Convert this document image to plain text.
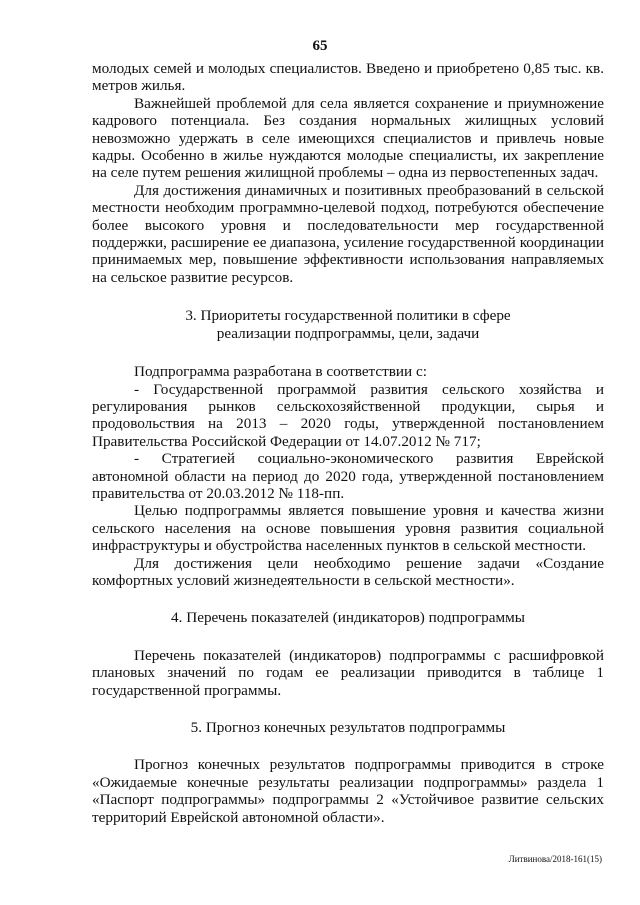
65

молодых семей и молодых специалистов. Введено и приобретено 0,85 тыс. кв. метров жилья.

Важнейшей проблемой для села является сохранение и приумножение кадрового потенциала. Без создания нормальных жилищных условий невозможно удержать в селе имеющихся специалистов и привлечь новые кадры. Особенно в жилье нуждаются молодые специалисты, их закрепление на селе путем решения жилищной проблемы – одна из первостепенных задач.

Для достижения динамичных и позитивных преобразований в сельской местности необходим программно-целевой подход, потребуются обеспечение более высокого уровня и последовательности мер государственной поддержки, расширение ее диапазона, усиление государственной координации принимаемых мер, повышение эффективности использования направляемых на сельское развитие ресурсов.

3. Приоритеты государственной политики в сфере
реализации подпрограммы, цели, задачи

Подпрограмма разработана в соответствии с:

- Государственной программой развития сельского хозяйства и регулирования рынков сельскохозяйственной продукции, сырья и продовольствия на 2013 – 2020 годы, утвержденной постановлением Правительства Российской Федерации от 14.07.2012 № 717;

- Стратегией социально-экономического развития Еврейской автономной области на период до 2020 года, утвержденной постановлением правительства от 20.03.2012 № 118-пп.

Целью подпрограммы является повышение уровня и качества жизни сельского населения на основе повышения уровня развития социальной инфраструктуры и обустройства населенных пунктов в сельской местности.

Для достижения цели необходимо решение задачи «Создание комфортных условий жизнедеятельности в сельской местности».

4. Перечень показателей (индикаторов) подпрограммы

Перечень показателей (индикаторов) подпрограммы с расшифровкой плановых значений по годам ее реализации приводится в таблице 1 государственной программы.

5. Прогноз конечных результатов подпрограммы

Прогноз конечных результатов подпрограммы приводится в строке «Ожидаемые конечные результаты реализации подпрограммы» раздела 1 «Паспорт подпрограммы» подпрограммы 2 «Устойчивое развитие сельских территорий Еврейской автономной области».

Литвинова/2018-161(15)
